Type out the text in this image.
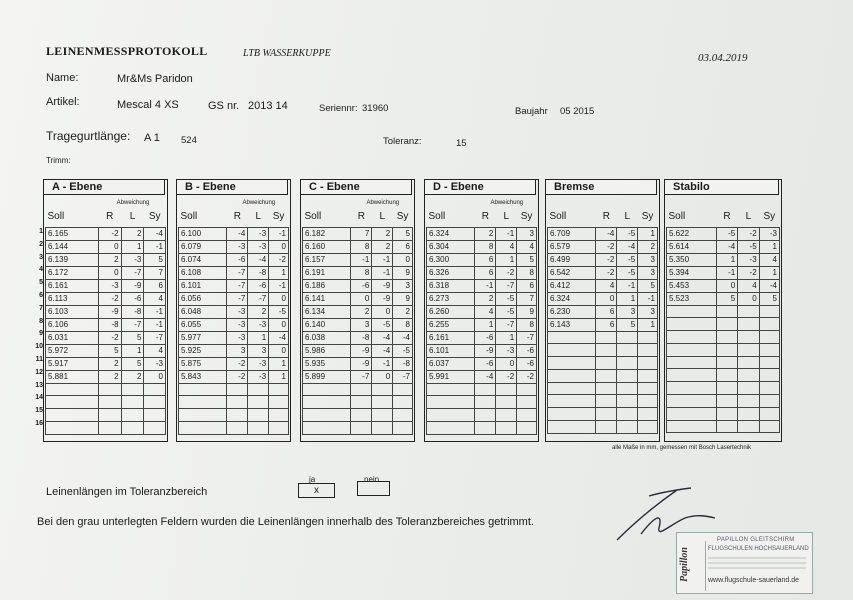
LEINENMESSPROTOKOLL	LTB WASSERKUPPE	03.04.2019
Name:	Mr&Ms Paridon
Artikel:	Mescal 4 XS	GS nr. 2013 14	Seriennr: 31960	Baujahr 05 2015
Tragegurtlänge: A 1 524	Toleranz:	15
Trimm:
1
2
3
4
5
6
7
8
9
10
11
12
13
14
15
16
A - Ebene
Abweichung
Soll	R	L	Sy
6.165	-2	2	-4
6.144	0	1	-1
6.139	2	-3	5
6.172	0	-7	7
6.161	-3	-9	6
6.113	-2	-6	4
6.103	-9	-8	-1
6.106	-8	-7	-1
6.031	-2	5	-7
5.972	5	1	4
5.917	2	5	-3
5.881	2	2	0

B - Ebene
Abweichung
Soll	R	L	Sy
6.100	-4	-3	-1
6.079	-3	-3	0
6.074	-6	-4	-2
6.108	-7	-8	1
6.101	-7	-6	-1
6.056	-7	-7	0
6.048	-3	2	-5
6.055	-3	-3	0
5.977	-3	1	-4
5.925	3	3	0
5.875	-2	-3	1
5.843	-2	-3	1

C - Ebene
Abweichung
Soll	R	L	Sy
6.182	7	2	5
6.160	8	2	6
6.157	-1	-1	0
6.191	8	-1	9
6.186	-6	-9	3
6.141	0	-9	9
6.134	2	0	2
6.140	3	-5	8
6.038	-8	-4	-4
5.986	-9	-4	-5
5.935	-9	-1	-8
5.899	-7	0	-7

D - Ebene
Abweichung
Soll	R	L	Sy
6.324	2	-1	3
6.304	8	4	4
6.300	6	1	5
6.326	6	-2	8
6.318	-1	-7	6
6.273	2	-5	7
6.260	4	-5	9
6.255	1	-7	8
6.161	-6	1	-7
6.101	-9	-3	-6
6.037	-6	0	-6
5.991	-4	-2	-2

Bremse
Soll	R	L	Sy
6.709	-4	-5	1
6.579	-2	-4	2
6.499	-2	-5	3
6.542	-2	-5	3
6.412	4	-1	5
6.324	0	1	-1
6.230	6	3	3
6.143	6	5	1

Stabilo
Soll	R	L	Sy
5.622	-5	-2	-3
5.614	-4	-5	1
5.350	1	-3	4
5.394	-1	-2	1
5.453	0	4	-4
5.523	5	0	5

alle Maße in mm, gemessen mit Bosch Lasertechnik
ja	nein
x
Leinenlängen im Toleranzbereich
Bei den grau unterlegten Feldern wurden die Leinenlängen innerhalb des Toleranzbereiches getrimmt.
Papillon
PAPILLON GLEITSCHIRM
FLUGSCHULEN HOCHSAUERLAND
www.flugschule-sauerland.de
